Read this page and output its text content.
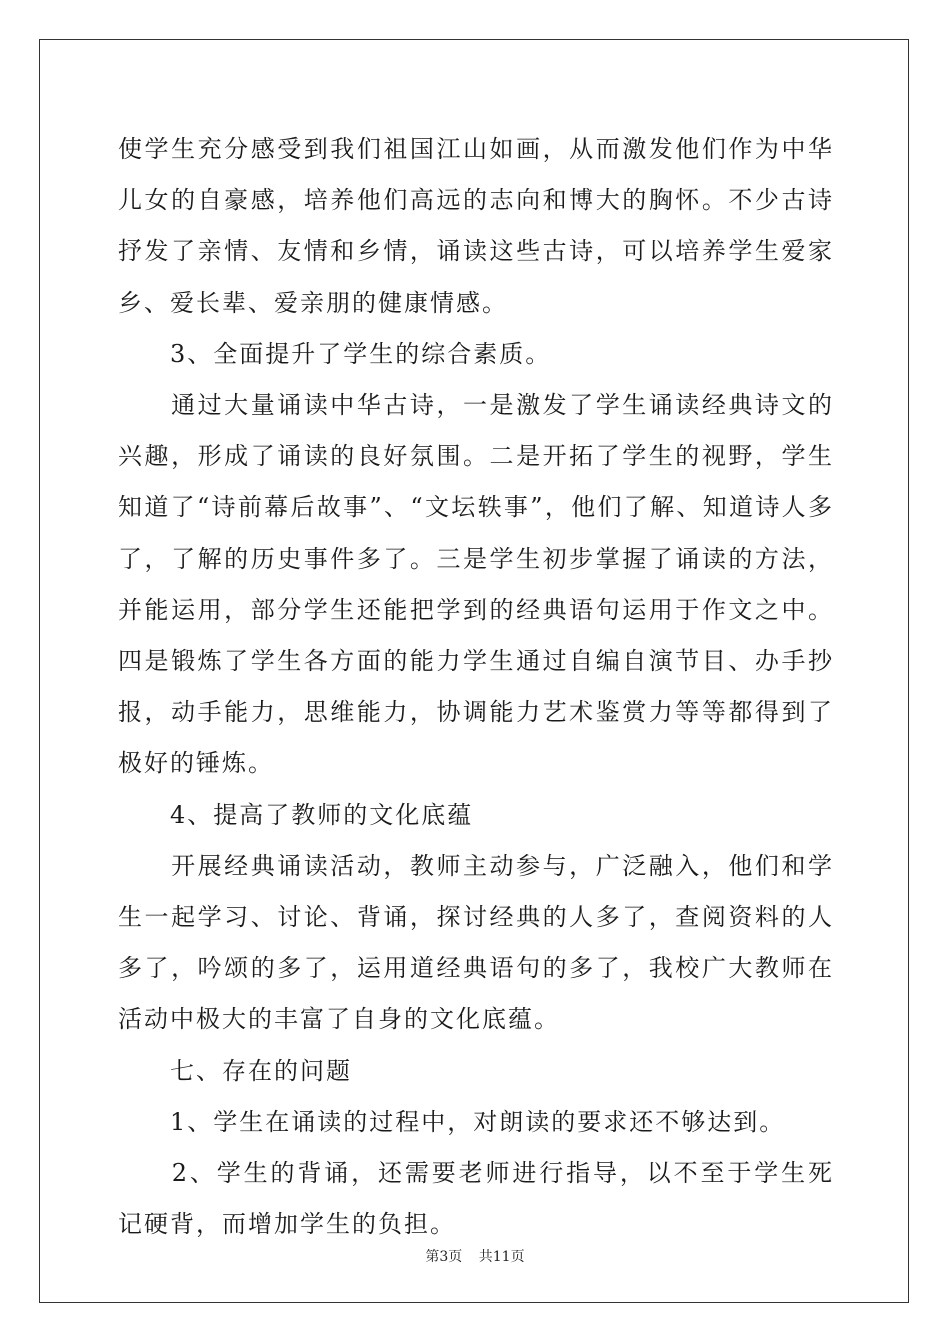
使学生充分感受到我们祖国江山如画，从而激发他们作为中华儿女的自豪感，培养他们高远的志向和博大的胸怀。不少古诗抒发了亲情、友情和乡情，诵读这些古诗，可以培养学生爱家乡、爱长辈、爱亲朋的健康情感。

　　3、全面提升了学生的综合素质。

　　通过大量诵读中华古诗，一是激发了学生诵读经典诗文的兴趣，形成了诵读的良好氛围。二是开拓了学生的视野，学生知道了“诗前幕后故事”、“文坛轶事”，他们了解、知道诗人多了，了解的历史事件多了。三是学生初步掌握了诵读的方法，并能运用，部分学生还能把学到的经典语句运用于作文之中。四是锻炼了学生各方面的能力学生通过自编自演节目、办手抄报，动手能力，思维能力，协调能力艺术鉴赏力等等都得到了极好的锤炼。

　　4、提高了教师的文化底蕴

　　开展经典诵读活动，教师主动参与，广泛融入，他们和学生一起学习、讨论、背诵，探讨经典的人多了，查阅资料的人多了，吟颂的多了，运用道经典语句的多了，我校广大教师在活动中极大的丰富了自身的文化底蕴。

　　七、存在的问题

　　1、学生在诵读的过程中，对朗读的要求还不够达到。

　　2、学生的背诵，还需要老师进行指导，以不至于学生死记硬背，而增加学生的负担。

第3页 共11页
